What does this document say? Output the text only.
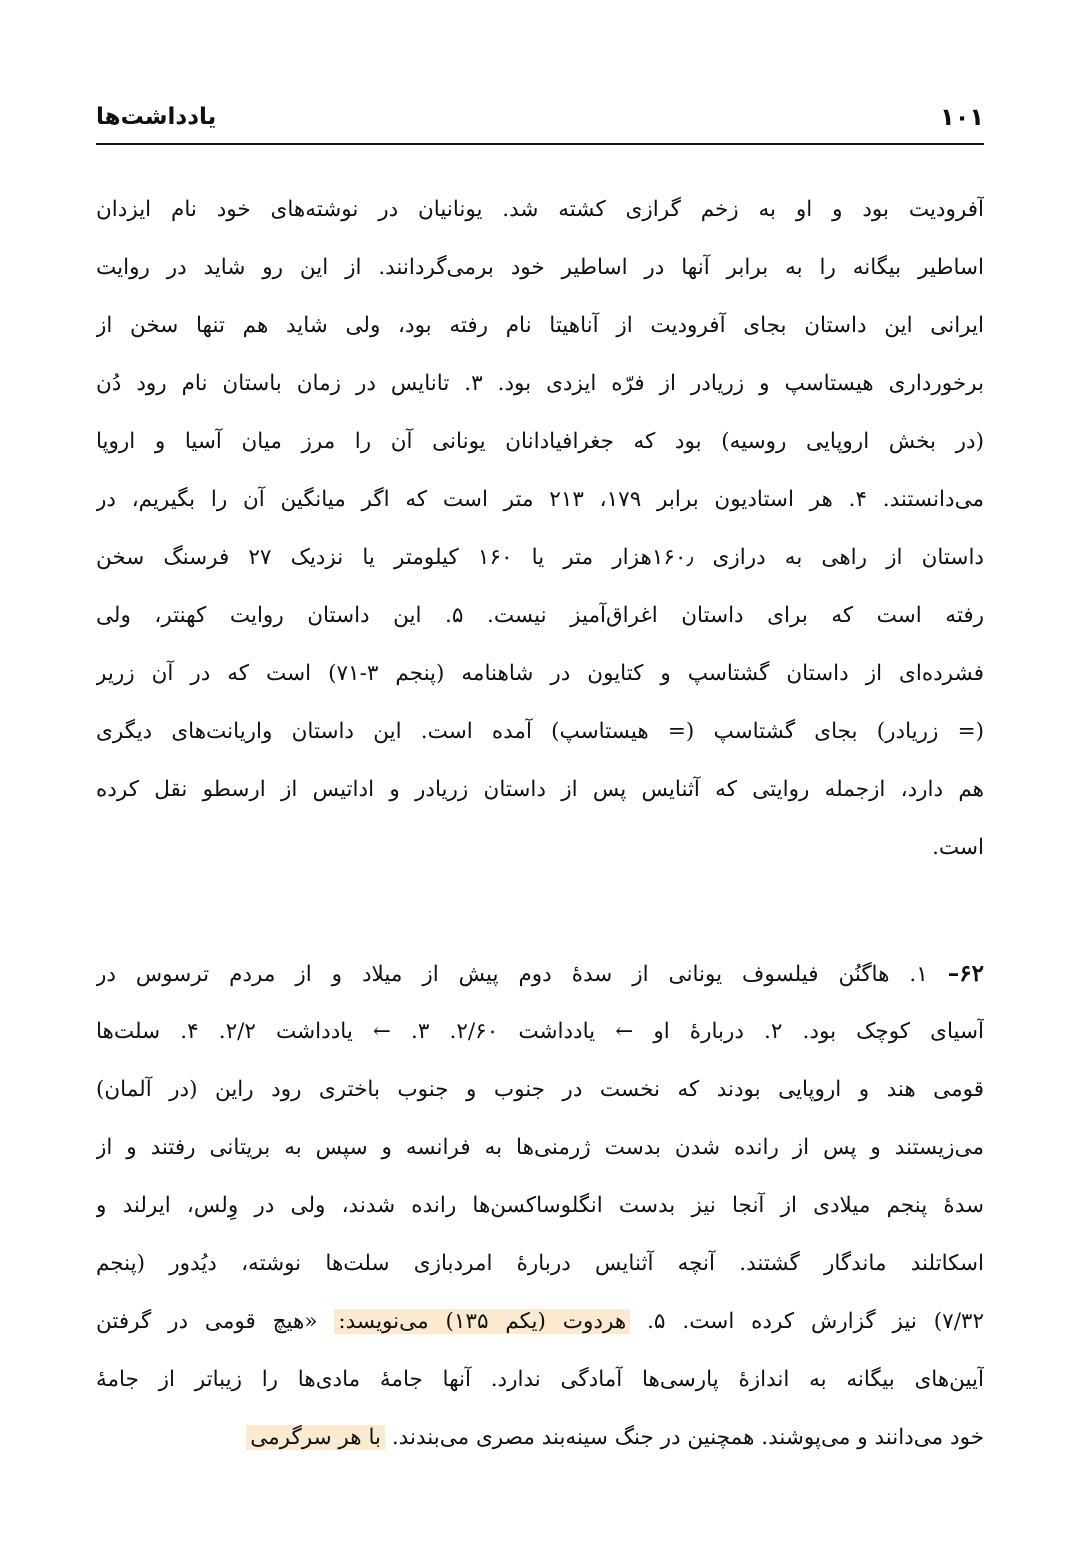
۱۰۱
یادداشت‌ها
آفرودیت بود و او به زخم گرازی کشته شد. یونانیان در نوشته‌های خود نام ایزدان
اساطیر بیگانه را به برابر آنها در اساطیر خود برمی‌گردانند. از این رو شاید در روایت
ایرانی این داستان بجای آفرودیت از آناهیتا نام رفته بود، ولی شاید هم تنها سخن از
برخورداری هیستاسپ و زریادر از فرّه ایزدی بود. ۳. تانایس در زمان باستان نام رود دُن
(در بخش اروپایی روسیه) بود که جغرافیادانان یونانی آن را مرز میان آسیا و اروپا
می‌دانستند. ۴. هر استادیون برابر ۱۷۹، ۲۱۳ متر است که اگر میانگین آن را بگیریم، در
داستان از راهی به درازی ۱۶۰٫هزار متر یا ۱۶۰ کیلومتر یا نزدیک ۲۷ فرسنگ سخن
رفته است که برای داستان اغراق‌آمیز نیست. ۵. این داستان روایت کهنتر، ولی
فشرده‌ای از داستان گشتاسپ و کتایون در شاهنامه (پنجم ۳-۷۱) است که در آن زریر
(= زریادر) بجای گشتاسپ (= هیستاسپ) آمده است. این داستان واریانت‌های دیگری
هم دارد، ازجمله روایتی که آثنایس پس از داستان زریادر و اداتیس از ارسطو نقل کرده
است.
۶۲– ۱. هاگنُن فیلسوف یونانی از سدهٔ دوم پیش از میلاد و از مردم ترسوس در
آسیای کوچک بود. ۲. دربارهٔ او ← یادداشت ۲/۶۰. ۳. ← یادداشت ۲/۲. ۴. سلت‌ها
قومی هند و اروپایی بودند که نخست در جنوب و جنوب باختری رود راین (در آلمان)
می‌زیستند و پس از رانده شدن بدست ژرمنی‌ها به فرانسه و سپس به بریتانی رفتند و از
سدهٔ پنجم میلادی از آنجا نیز بدست انگلوساکسن‌ها رانده شدند، ولی در وِلس، ایرلند و
اسکاتلند ماندگار گشتند. آنچه آثنایس دربارهٔ امردبازی سلت‌ها نوشته، دیُدور (پنجم
۷/۳۲) نیز گزارش کرده است. ۵. هردوت (یکم ۱۳۵) می‌نویسد: «هیچ قومی در گرفتن
آیین‌های بیگانه به اندازهٔ پارسی‌ها آمادگی ندارد. آنها جامهٔ مادی‌ها را زیباتر از جامهٔ
خود می‌دانند و می‌پوشند. همچنین در جنگ سینه‌بند مصری می‌بندند. با هر سرگرمی
